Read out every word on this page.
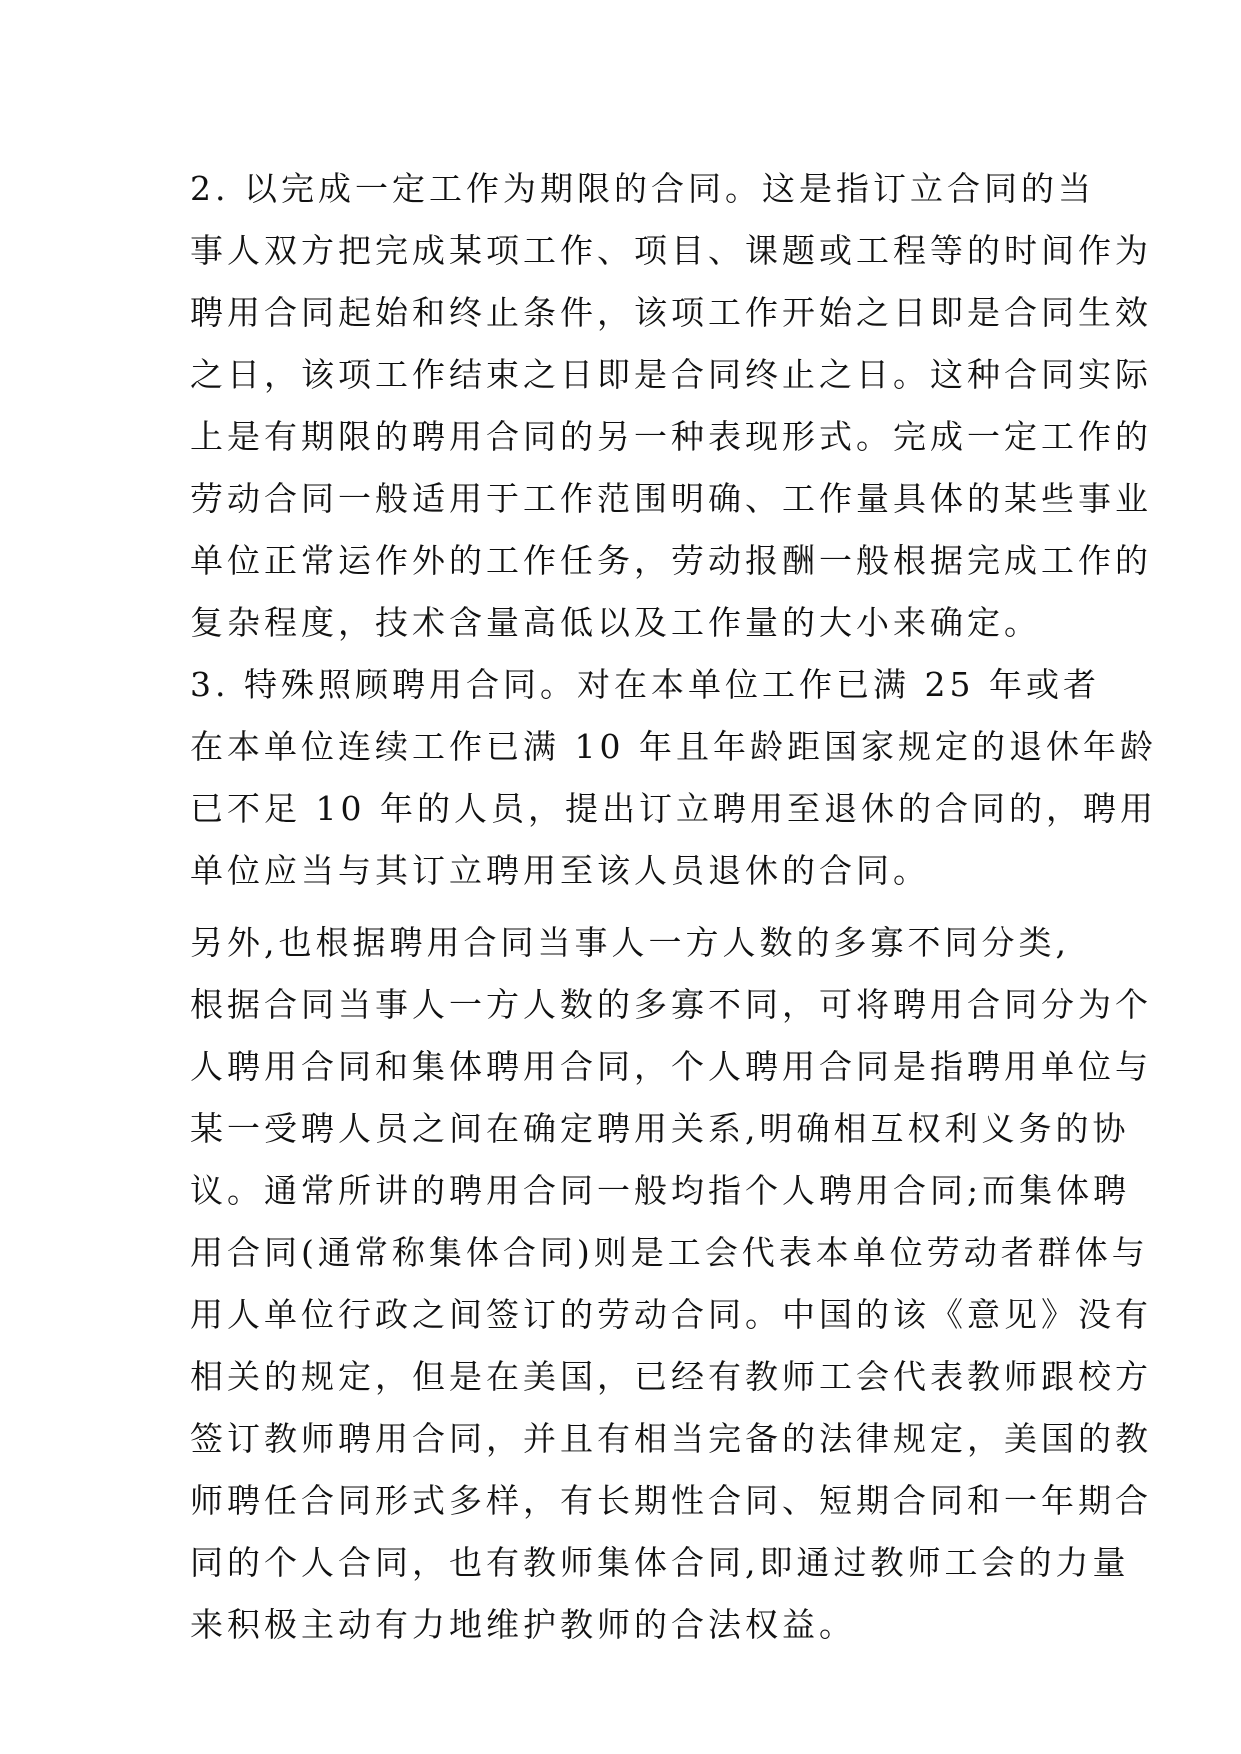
2. 以完成一定工作为期限的合同。这是指订立合同的当
事人双方把完成某项工作、项目、课题或工程等的时间作为
聘用合同起始和终止条件，该项工作开始之日即是合同生效
之日，该项工作结束之日即是合同终止之日。这种合同实际
上是有期限的聘用合同的另一种表现形式。完成一定工作的
劳动合同一般适用于工作范围明确、工作量具体的某些事业
单位正常运作外的工作任务，劳动报酬一般根据完成工作的
复杂程度，技术含量高低以及工作量的大小来确定。
3. 特殊照顾聘用合同。对在本单位工作已满 25 年或者
在本单位连续工作已满 10 年且年龄距国家规定的退休年龄
已不足 10 年的人员，提出订立聘用至退休的合同的，聘用
单位应当与其订立聘用至该人员退休的合同。
另外,也根据聘用合同当事人一方人数的多寡不同分类,
根据合同当事人一方人数的多寡不同，可将聘用合同分为个
人聘用合同和集体聘用合同，个人聘用合同是指聘用单位与
某一受聘人员之间在确定聘用关系,明确相互权利义务的协
议。通常所讲的聘用合同一般均指个人聘用合同;而集体聘
用合同(通常称集体合同)则是工会代表本单位劳动者群体与
用人单位行政之间签订的劳动合同。中国的该《意见》没有
相关的规定，但是在美国，已经有教师工会代表教师跟校方
签订教师聘用合同，并且有相当完备的法律规定，美国的教
师聘任合同形式多样，有长期性合同、短期合同和一年期合
同的个人合同，也有教师集体合同,即通过教师工会的力量
来积极主动有力地维护教师的合法权益。
